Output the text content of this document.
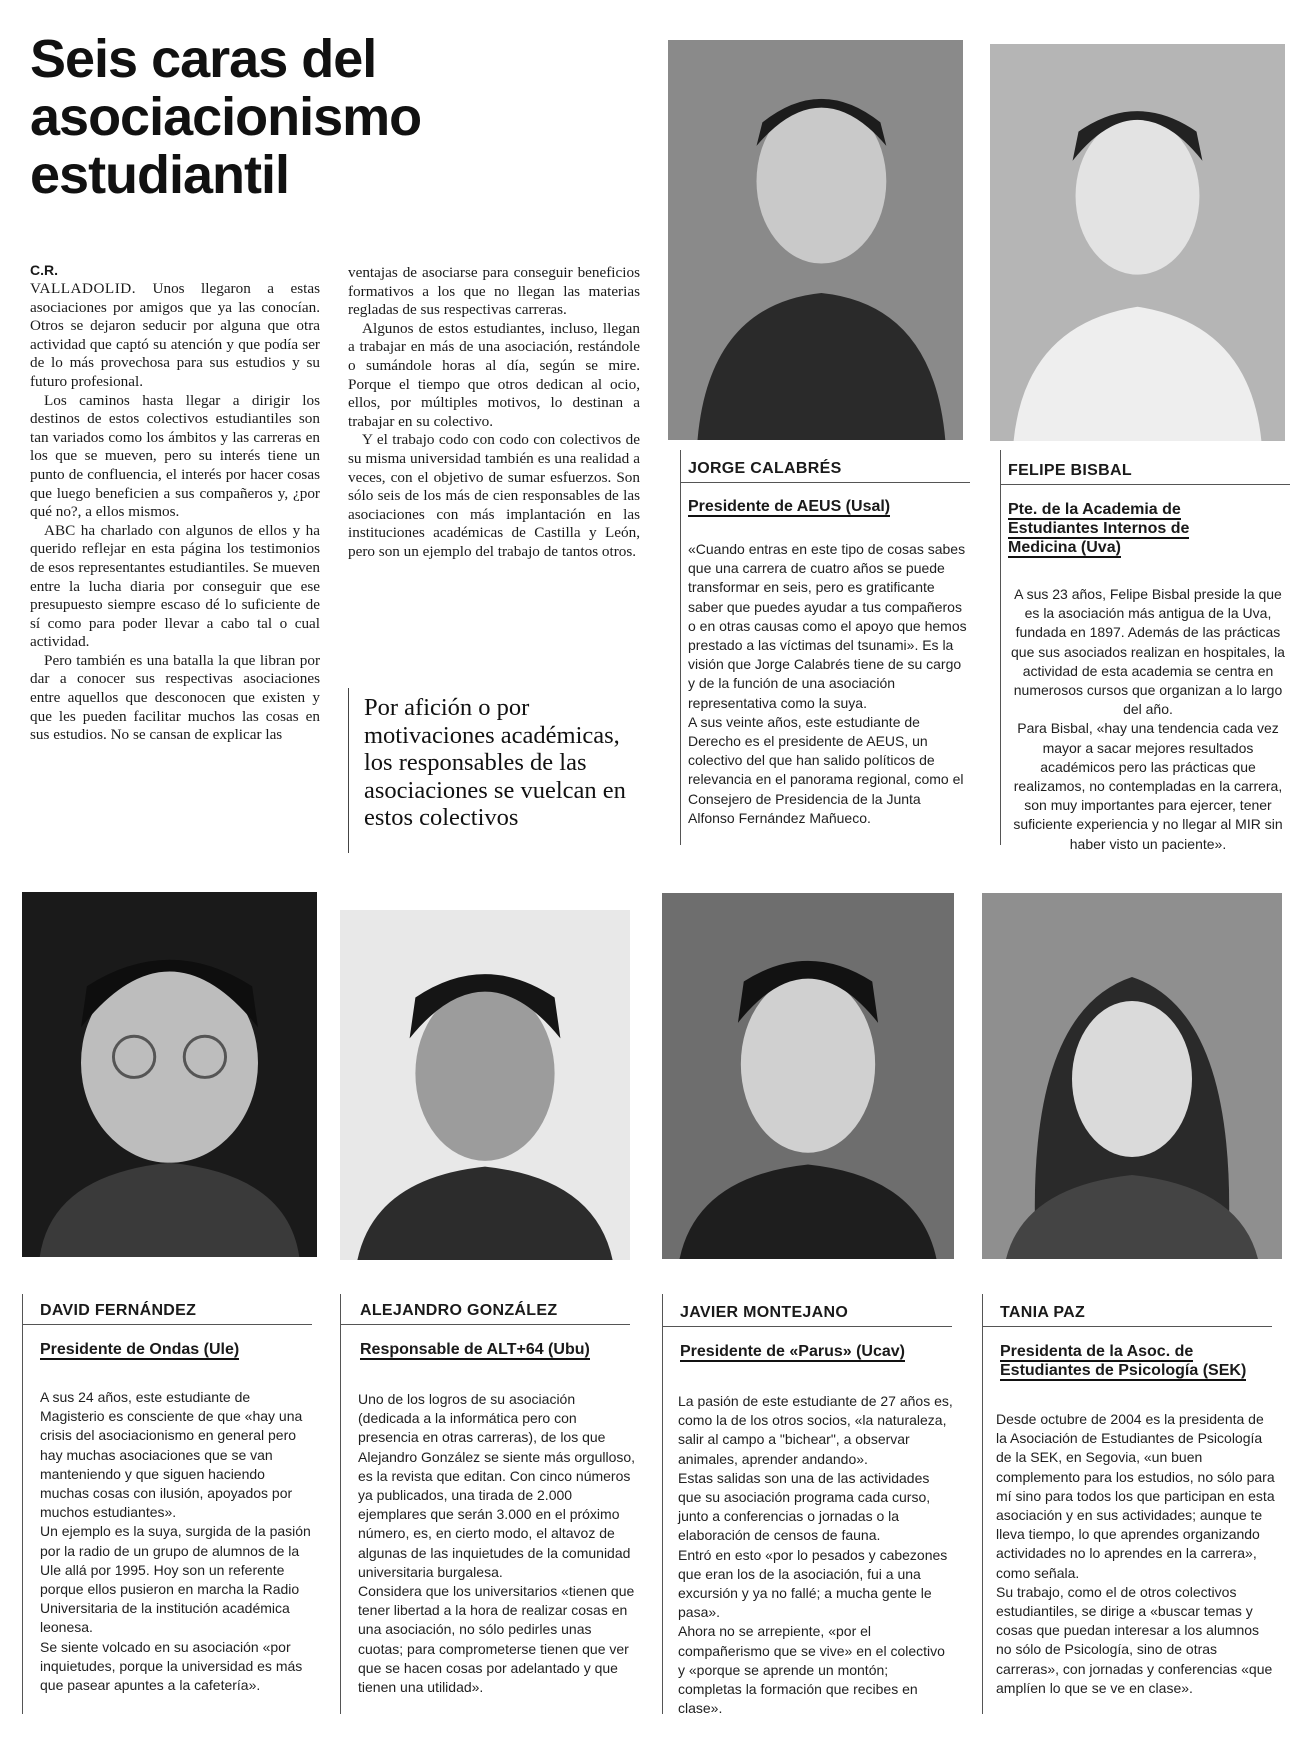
Seis caras del
asociacionismo
estudiantil
C.R.

VALLADOLID. Unos llegaron a estas asociaciones por amigos que ya las conocían. Otros se dejaron seducir por alguna que otra actividad que captó su atención y que podía ser de lo más provechosa para sus estudios y su futuro profesional.

Los caminos hasta llegar a dirigir los destinos de estos colectivos estudiantiles son tan variados como los ámbitos y las carreras en los que se mueven, pero su interés tiene un punto de confluencia, el interés por hacer cosas que luego beneficien a sus compañeros y, ¿por qué no?, a ellos mismos.

ABC ha charlado con algunos de ellos y ha querido reflejar en esta página los testimonios de esos representantes estudiantiles. Se mueven entre la lucha diaria por conseguir que ese presupuesto siempre escaso dé lo suficiente de sí como para poder llevar a cabo tal o cual actividad.

Pero también es una batalla la que libran por dar a conocer sus respectivas asociaciones entre aquellos que desconocen que existen y que les pueden facilitar muchos las cosas en sus estudios. No se cansan de explicar las

ventajas de asociarse para conseguir beneficios formativos a los que no llegan las materias regladas de sus respectivas carreras.

Algunos de estos estudiantes, incluso, llegan a trabajar en más de una asociación, restándole o sumándole horas al día, según se mire. Porque el tiempo que otros dedican al ocio, ellos, por múltiples motivos, lo destinan a trabajar en su colectivo.

Y el trabajo codo con codo con colectivos de su misma universidad también es una realidad a veces, con el objetivo de sumar esfuerzos. Son sólo seis de los más de cien responsables de las asociaciones con más implantación en las instituciones académicas de Castilla y León, pero son un ejemplo del trabajo de tantos otros.

Por afición o por motivaciones académicas, los responsables de las asociaciones se vuelcan en estos colectivos
JORGE CALABRÉS
Presidente de AEUS (Usal)
«Cuando entras en este tipo de cosas sabes que una carrera de cuatro años se puede transformar en seis, pero es gratificante saber que puedes ayudar a tus compañeros o en otras causas como el apoyo que hemos prestado a las víctimas del tsunami». Es la visión que Jorge Calabrés tiene de su cargo y de la función de una asociación representativa como la suya.
A sus veinte años, este estudiante de Derecho es el presidente de AEUS, un colectivo del que han salido políticos de relevancia en el panorama regional, como el Consejero de Presidencia de la Junta Alfonso Fernández Mañueco.
FELIPE BISBAL
Pte. de la Academia de Estudiantes Internos de Medicina (Uva)
A sus 23 años, Felipe Bisbal preside la que es la asociación más antigua de la Uva, fundada en 1897. Además de las prácticas que sus asociados realizan en hospitales, la actividad de esta academia se centra en numerosos cursos que organizan a lo largo del año.
Para Bisbal, «hay una tendencia cada vez mayor a sacar mejores resultados académicos pero las prácticas que realizamos, no contempladas en la carrera, son muy importantes para ejercer, tener suficiente experiencia y no llegar al MIR sin haber visto un paciente».
DAVID FERNÁNDEZ
Presidente de Ondas (Ule)
A sus 24 años, este estudiante de Magisterio es consciente de que «hay una crisis del asociacionismo en general pero hay muchas asociaciones que se van manteniendo y que siguen haciendo muchas cosas con ilusión, apoyados por muchos estudiantes».
Un ejemplo es la suya, surgida de la pasión por la radio de un grupo de alumnos de la Ule allá por 1995. Hoy son un referente porque ellos pusieron en marcha la Radio Universitaria de la institución académica leonesa.
Se siente volcado en su asociación «por inquietudes, porque la universidad es más que pasear apuntes a la cafetería».
ALEJANDRO GONZÁLEZ
Responsable de ALT+64 (Ubu)
Uno de los logros de su asociación (dedicada a la informática pero con presencia en otras carreras), de los que Alejandro González se siente más orgulloso, es la revista que editan. Con cinco números ya publicados, una tirada de 2.000 ejemplares que serán 3.000 en el próximo número, es, en cierto modo, el altavoz de algunas de las inquietudes de la comunidad universitaria burgalesa.
Considera que los universitarios «tienen que tener libertad a la hora de realizar cosas en una asociación, no sólo pedirles unas cuotas; para comprometerse tienen que ver que se hacen cosas por adelantado y que tienen una utilidad».
JAVIER MONTEJANO
Presidente de «Parus» (Ucav)
La pasión de este estudiante de 27 años es, como la de los otros socios, «la naturaleza, salir al campo a "bichear", a observar animales, aprender andando».
Estas salidas son una de las actividades que su asociación programa cada curso, junto a conferencias o jornadas o la elaboración de censos de fauna.
Entró en esto «por lo pesados y cabezones que eran los de la asociación, fui a una excursión y ya no fallé; a mucha gente le pasa».
Ahora no se arrepiente, «por el compañerismo que se vive» en el colectivo y «porque se aprende un montón; completas la formación que recibes en clase».
TANIA PAZ
Presidenta de la Asoc. de Estudiantes de Psicología (SEK)
Desde octubre de 2004 es la presidenta de la Asociación de Estudiantes de Psicología de la SEK, en Segovia, «un buen complemento para los estudios, no sólo para mí sino para todos los que participan en esta asociación y en sus actividades; aunque te lleva tiempo, lo que aprendes organizando actividades no lo aprendes en la carrera», como señala.
Su trabajo, como el de otros colectivos estudiantiles, se dirige a «buscar temas y cosas que puedan interesar a los alumnos no sólo de Psicología, sino de otras carreras», con jornadas y conferencias «que amplíen lo que se ve en clase».
